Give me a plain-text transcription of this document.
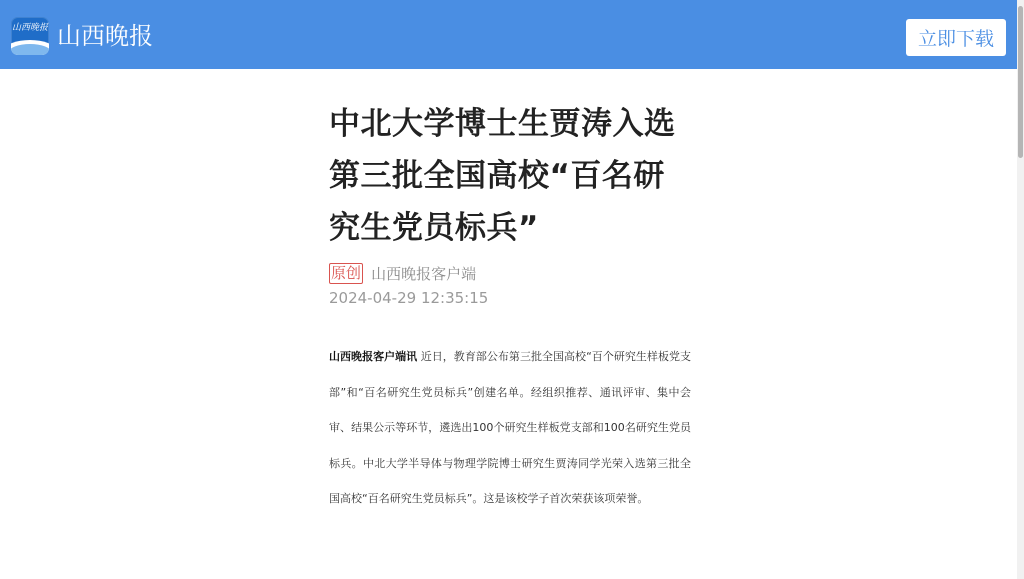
山西晚报 山西晚报	立即下载
中北大学博士生贾涛入选第三批全国高校“百名研究生党员标兵”
原创 山西晚报客户端
2024-04-29 12:35:15

山西晚报客户端讯 近日，教育部公布第三批全国高校“百个研究生样板党支部”和“百名研究生党员标兵”创建名单。经组织推荐、通讯评审、集中会审、结果公示等环节，遴选出100个研究生样板党支部和100名研究生党员标兵。中北大学半导体与物理学院博士研究生贾涛同学光荣入选第三批全国高校“百名研究生党员标兵”。这是该校学子首次荣获该项荣誉。
